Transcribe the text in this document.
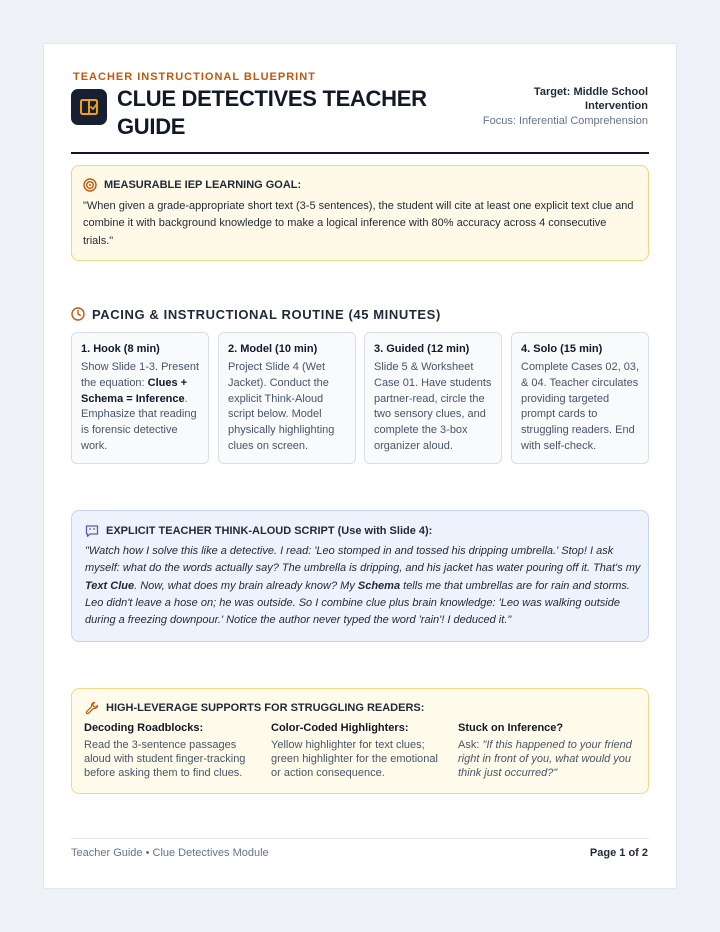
TEACHER INSTRUCTIONAL BLUEPRINT
CLUE DETECTIVES TEACHER GUIDE
Target: Middle School
Intervention
Focus: Inferential Comprehension
MEASURABLE IEP LEARNING GOAL:
"When given a grade-appropriate short text (3-5 sentences), the student will cite at least one explicit text clue and combine it with background knowledge to make a logical inference with 80% accuracy across 4 consecutive trials."
PACING & INSTRUCTIONAL ROUTINE (45 MINUTES)
1. Hook (8 min)
Show Slide 1-3. Present the equation: Clues + Schema = Inference. Emphasize that reading is forensic detective work.
2. Model (10 min)
Project Slide 4 (Wet Jacket). Conduct the explicit Think-Aloud script below. Model physically highlighting clues on screen.
3. Guided (12 min)
Slide 5 & Worksheet Case 01. Have students partner-read, circle the two sensory clues, and complete the 3-box organizer aloud.
4. Solo (15 min)
Complete Cases 02, 03, & 04. Teacher circulates providing targeted prompt cards to struggling readers. End with self-check.
EXPLICIT TEACHER THINK-ALOUD SCRIPT (Use with Slide 4):
"Watch how I solve this like a detective. I read: 'Leo stomped in and tossed his dripping umbrella.' Stop! I ask myself: what do the words actually say? The umbrella is dripping, and his jacket has water pouring off it. That's my Text Clue. Now, what does my brain already know? My Schema tells me that umbrellas are for rain and storms. Leo didn't leave a hose on; he was outside. So I combine clue plus brain knowledge: 'Leo was walking outside during a freezing downpour.' Notice the author never typed the word 'rain'! I deduced it."
HIGH-LEVERAGE SUPPORTS FOR STRUGGLING READERS:
Decoding Roadblocks:
Read the 3-sentence passages aloud with student finger-tracking before asking them to find clues.
Color-Coded Highlighters:
Yellow highlighter for text clues; green highlighter for the emotional or action consequence.
Stuck on Inference?
Ask: "If this happened to your friend right in front of you, what would you think just occurred?"
Teacher Guide • Clue Detectives Module	Page 1 of 2
